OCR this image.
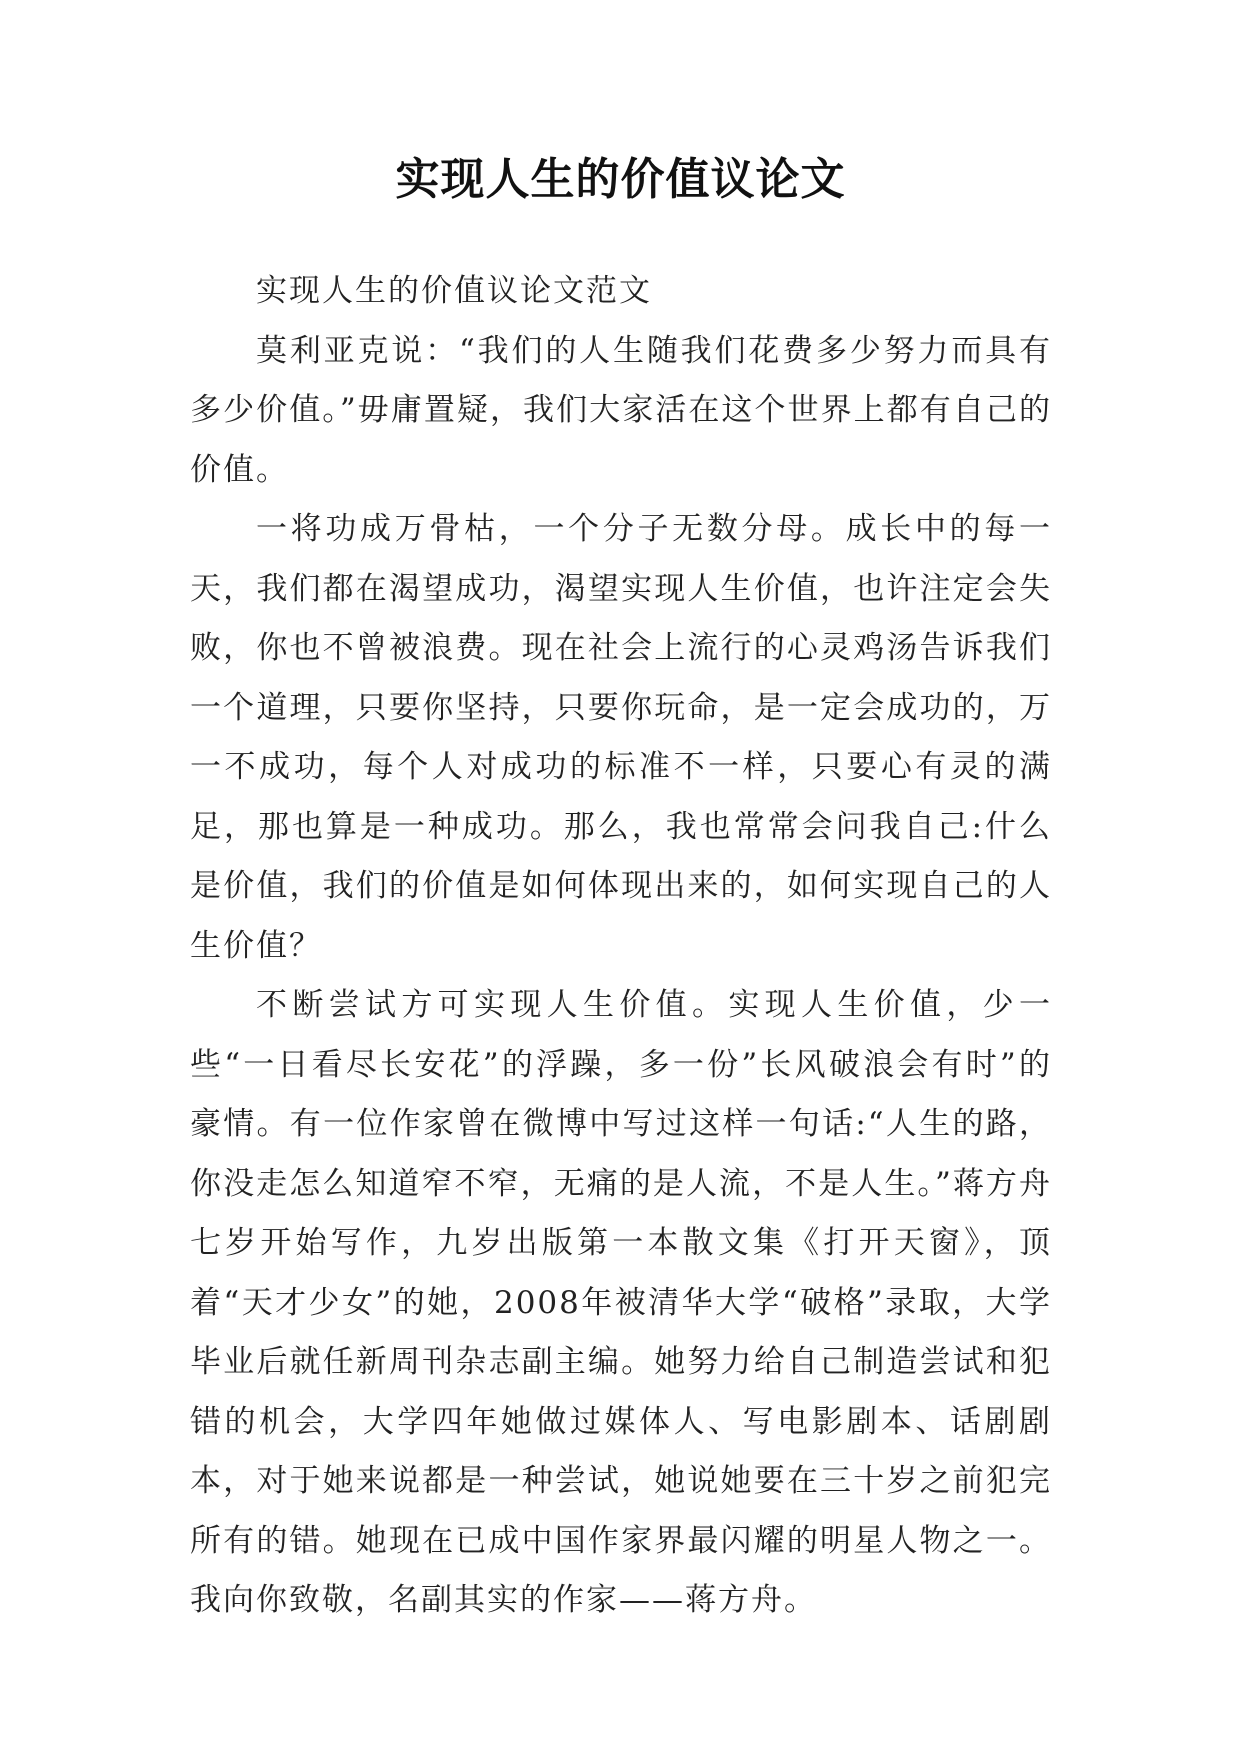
实现人生的价值议论文

实现人生的价值议论文范文

莫利亚克说：“我们的人生随我们花费多少努力而具有多少价值。”毋庸置疑，我们大家活在这个世界上都有自己的价值。

一将功成万骨枯，一个分子无数分母。成长中的每一天，我们都在渴望成功，渴望实现人生价值，也许注定会失败，你也不曾被浪费。现在社会上流行的心灵鸡汤告诉我们一个道理，只要你坚持，只要你玩命，是一定会成功的，万一不成功，每个人对成功的标准不一样，只要心有灵的满足，那也算是一种成功。那么，我也常常会问我自己:什么是价值，我们的价值是如何体现出来的，如何实现自己的人生价值？

不断尝试方可实现人生价值。实现人生价值，少一些“一日看尽长安花”的浮躁，多一份”长风破浪会有时”的豪情。有一位作家曾在微博中写过这样一句话:“人生的路，你没走怎么知道窄不窄，无痛的是人流，不是人生。”蒋方舟七岁开始写作，九岁出版第一本散文集《打开天窗》，顶着“天才少女”的她，2008年被清华大学“破格”录取，大学毕业后就任新周刊杂志副主编。她努力给自己制造尝试和犯错的机会，大学四年她做过媒体人、写电影剧本、话剧剧本，对于她来说都是一种尝试，她说她要在三十岁之前犯完所有的错。她现在已成中国作家界最闪耀的明星人物之一。我向你致敬，名副其实的作家——蒋方舟。
